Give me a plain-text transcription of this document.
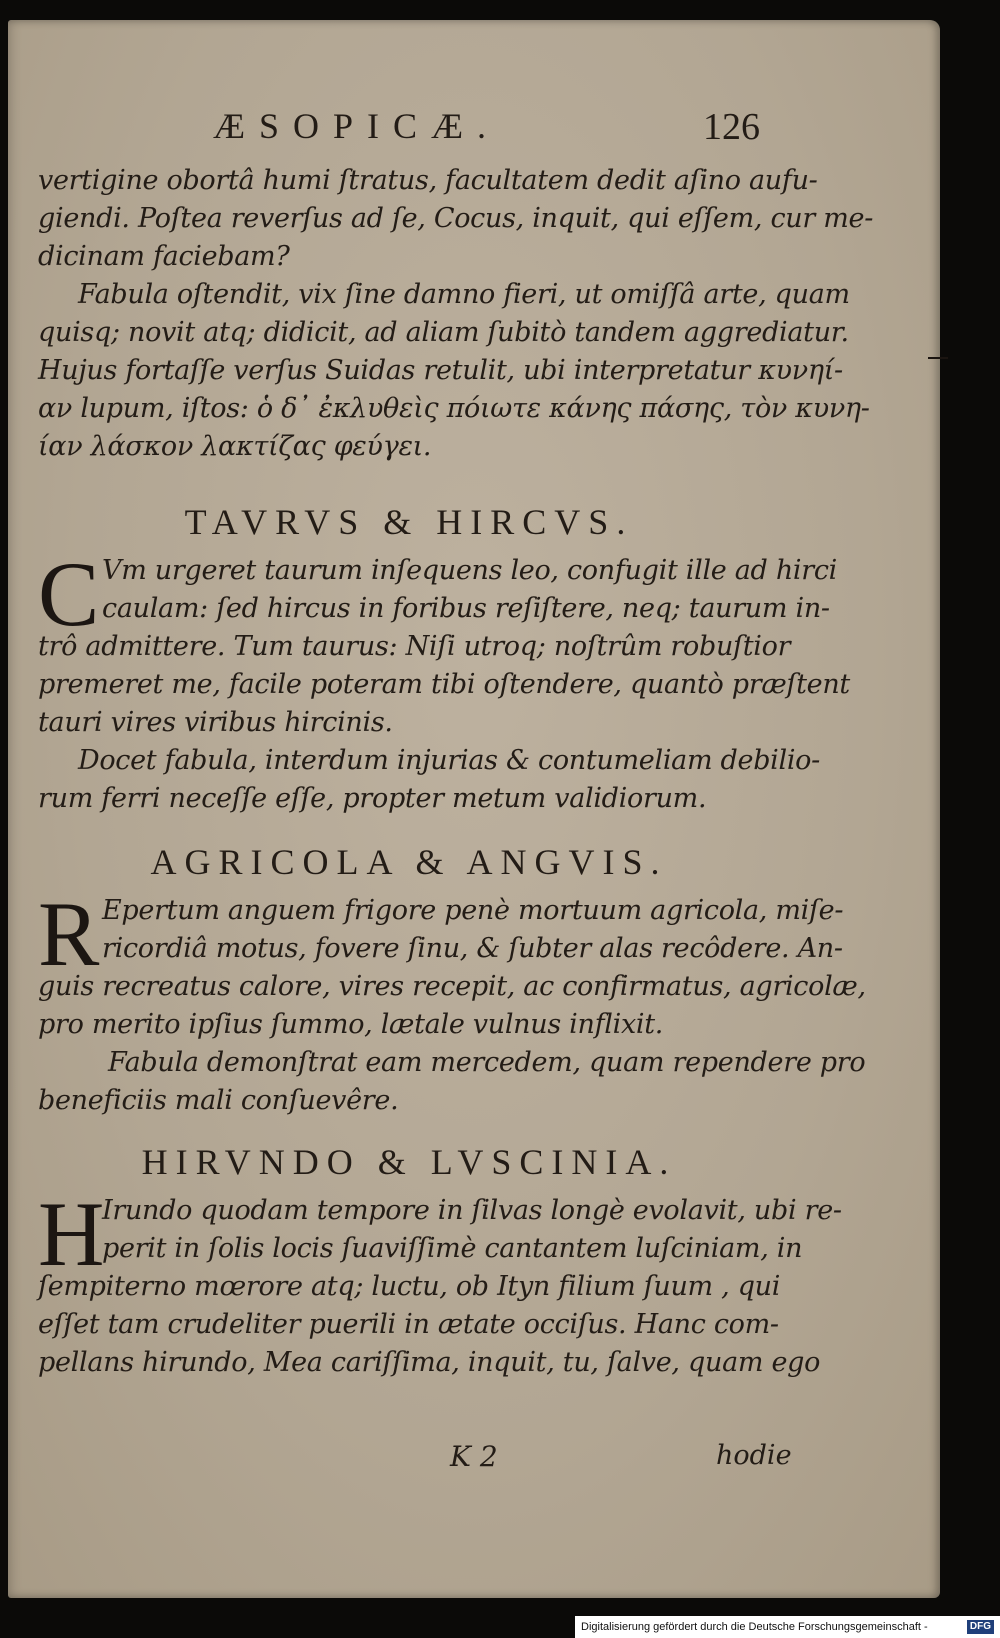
ÆSOPICÆ.	126
vertigine obortâ humi ſtratus, facultatem dedit aſino aufu-
giendi. Poſtea reverſus ad ſe, Cocus, inquit, qui eſſem, cur me-
dicinam faciebam?
Fabula oſtendit, vix ſine damno fieri, ut omiſſâ arte, quam
quisq; novit atq; didicit, ad aliam ſubitò tandem aggrediatur.
Hujus fortaſſe verſus Suidas retulit, ubi interpretatur κυνηί-
αν lupum, iſtos: ὁ δ᾽ ἐκλυθεὶς πόιωτε κάνης πάσης, τὸν κυνη-
ίαν λάσκον λακτίζας φεύγει.
TAVRVS & HIRCVS.
C Vm urgeret taurum inſequens leo, confugit ille ad hirci
caulam: ſed hircus in foribus reſiſtere, neq; taurum in-
trô admittere. Tum taurus: Niſi utroq; noſtrûm robuſtior
premeret me, facile poteram tibi oſtendere, quantò præſtent
tauri vires viribus hircinis.
Docet fabula, interdum injurias & contumeliam debilio-
rum ferri neceſſe eſſe, propter metum validiorum.
AGRICOLA & ANGVIS.
R Epertum anguem frigore penè mortuum agricola, miſe-
ricordiâ motus, fovere ſinu, & ſubter alas recôdere. An-
guis recreatus calore, vires recepit, ac confirmatus, agricolæ,
pro merito ipſius ſummo, lætale vulnus inflixit.
Fabula demonſtrat eam mercedem, quam rependere pro
beneficiis mali conſuevêre.
HIRVNDO & LVSCINIA.
H
Irundo quodam tempore in ſilvas longè evolavit, ubi re-
perit in ſolis locis ſuaviſſimè cantantem luſciniam, in
ſempiterno mœrore atq; luctu, ob Ityn filium ſuum , qui
eſſet tam crudeliter puerili in ætate occiſus. Hanc com-
pellans hirundo, Mea cariſſima, inquit, tu, ſalve, quam ego
K 2	hodie
Digitalisierung gefördert durch die Deutsche Forschungsgemeinschaft -	DFG
